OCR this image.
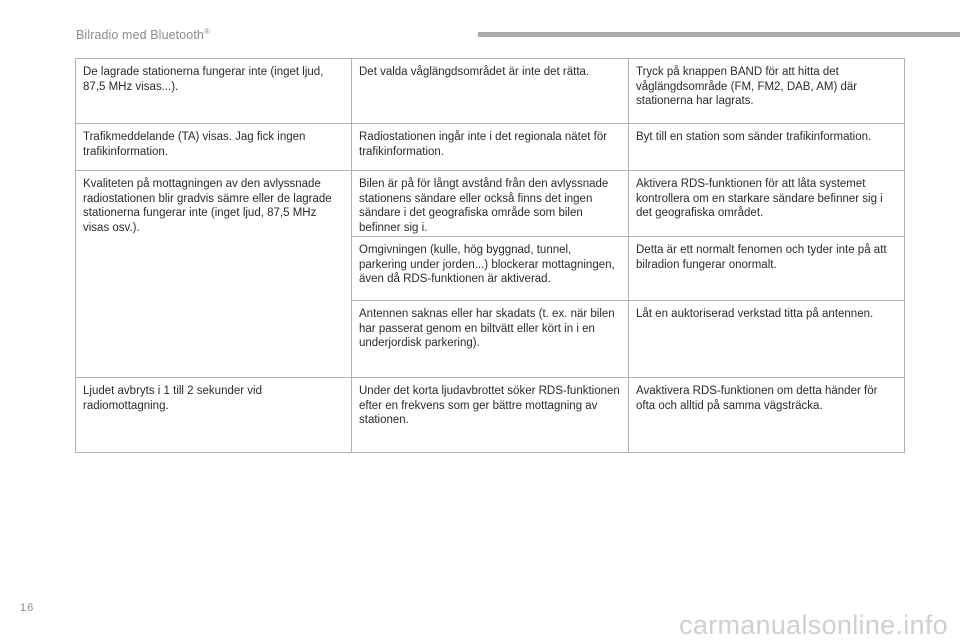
Bilradio med Bluetooth®
De lagrade stationerna fungerar inte (inget ljud, 87,5 MHz visas...).	Det valda våglängdsområdet är inte det rätta.	Tryck på knappen BAND för att hitta det våglängdsområde (FM, FM2, DAB, AM) där stationerna har lagrats.
Trafikmeddelande (TA) visas. Jag fick ingen trafikinformation.	Radiostationen ingår inte i det regionala nätet för trafikinformation.	Byt till en station som sänder trafikinformation.
Kvaliteten på mottagningen av den avlyssnade radiostationen blir gradvis sämre eller de lagrade stationerna fungerar inte (inget ljud, 87,5 MHz visas osv.).	Bilen är på för långt avstånd från den avlyssnade stationens sändare eller också finns det ingen sändare i det geografiska område som bilen befinner sig i.	Aktivera RDS-funktionen för att låta systemet kontrollera om en starkare sändare befinner sig i det geografiska området.
	Omgivningen (kulle, hög byggnad, tunnel, parkering under jorden...) blockerar mottagningen, även då RDS-funktionen är aktiverad.	Detta är ett normalt fenomen och tyder inte på att bilradion fungerar onormalt.
	Antennen saknas eller har skadats (t. ex. när bilen har passerat genom en biltvätt eller kört in i en underjordisk parkering).	Låt en auktoriserad verkstad titta på antennen.
Ljudet avbryts i 1 till 2 sekunder vid radiomottagning.	Under det korta ljudavbrottet söker RDS-funktionen efter en frekvens som ger bättre mottagning av stationen.	Avaktivera RDS-funktionen om detta händer för ofta och alltid på samma vägsträcka.
16
carmanualsonline.info
